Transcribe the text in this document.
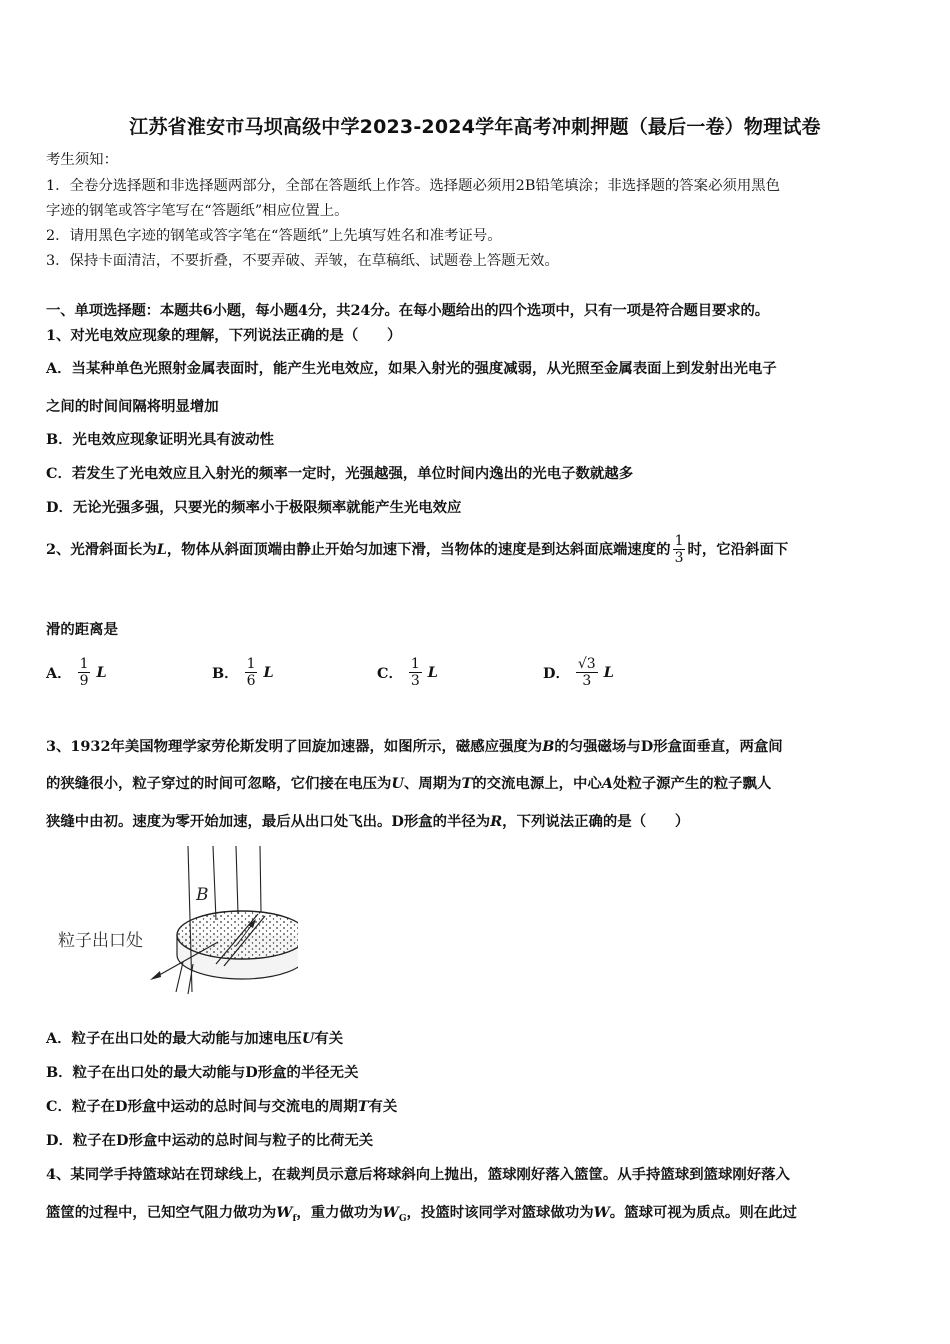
江苏省淮安市马坝高级中学2023-2024学年高考冲刺押题（最后一卷）物理试卷
考生须知：
1．全卷分选择题和非选择题两部分，全部在答题纸上作答。选择题必须用2B铅笔填涂；非选择题的答案必须用黑色
字迹的钢笔或答字笔写在“答题纸”相应位置上。
2．请用黑色字迹的钢笔或答字笔在“答题纸”上先填写姓名和准考证号。
3．保持卡面清洁，不要折叠，不要弄破、弄皱，在草稿纸、试题卷上答题无效。
一、单项选择题：本题共6小题，每小题4分，共24分。在每小题给出的四个选项中，只有一项是符合题目要求的。
1、对光电效应现象的理解，下列说法正确的是（　　）
A．当某种单色光照射金属表面时，能产生光电效应，如果入射光的强度减弱，从光照至金属表面上到发射出光电子
之间的时间间隔将明显增加
B．光电效应现象证明光具有波动性
C．若发生了光电效应且入射光的频率一定时，光强越强，单位时间内逸出的光电子数就越多
D．无论光强多强，只要光的频率小于极限频率就能产生光电效应
2、光滑斜面长为 L ，物体从斜面顶端由静止开始匀加速下滑，当物体的速度是到达斜面底端速度的 $\frac{1}{3}$ 时，它沿斜面下
滑的距离是
A． $\frac{1}{9}$ L	B． $\frac{1}{6}$ L	C． $\frac{1}{3}$ L	D． $\frac{√3}{3}$ L
3、1932年美国物理学家劳伦斯发明了回旋加速器，如图所示，磁感应强度为B的匀强磁场与D形盒面垂直，两盒间
的狭缝很小，粒子穿过的时间可忽略，它们接在电压为U、周期为T的交流电源上，中心A处粒子源产生的粒子飘人
狭缝中由初。速度为零开始加速，最后从出口处飞出。D形盒的半径为R，下列说法正确的是（　　）
B
粒子出口处
A．粒子在出口处的最大动能与加速电压U有关
B．粒子在出口处的最大动能与D形盒的半径无关
C．粒子在D形盒中运动的总时间与交流电的周期T有关
D．粒子在D形盒中运动的总时间与粒子的比荷无关
4、某同学手持篮球站在罚球线上，在裁判员示意后将球斜向上抛出，篮球刚好落入篮筐。从手持篮球到篮球刚好落入
篮筐的过程中，已知空气阻力做功为$W_f$，重力做功为$W_G$，投篮时该同学对篮球做功为W。篮球可视为质点。则在此过
